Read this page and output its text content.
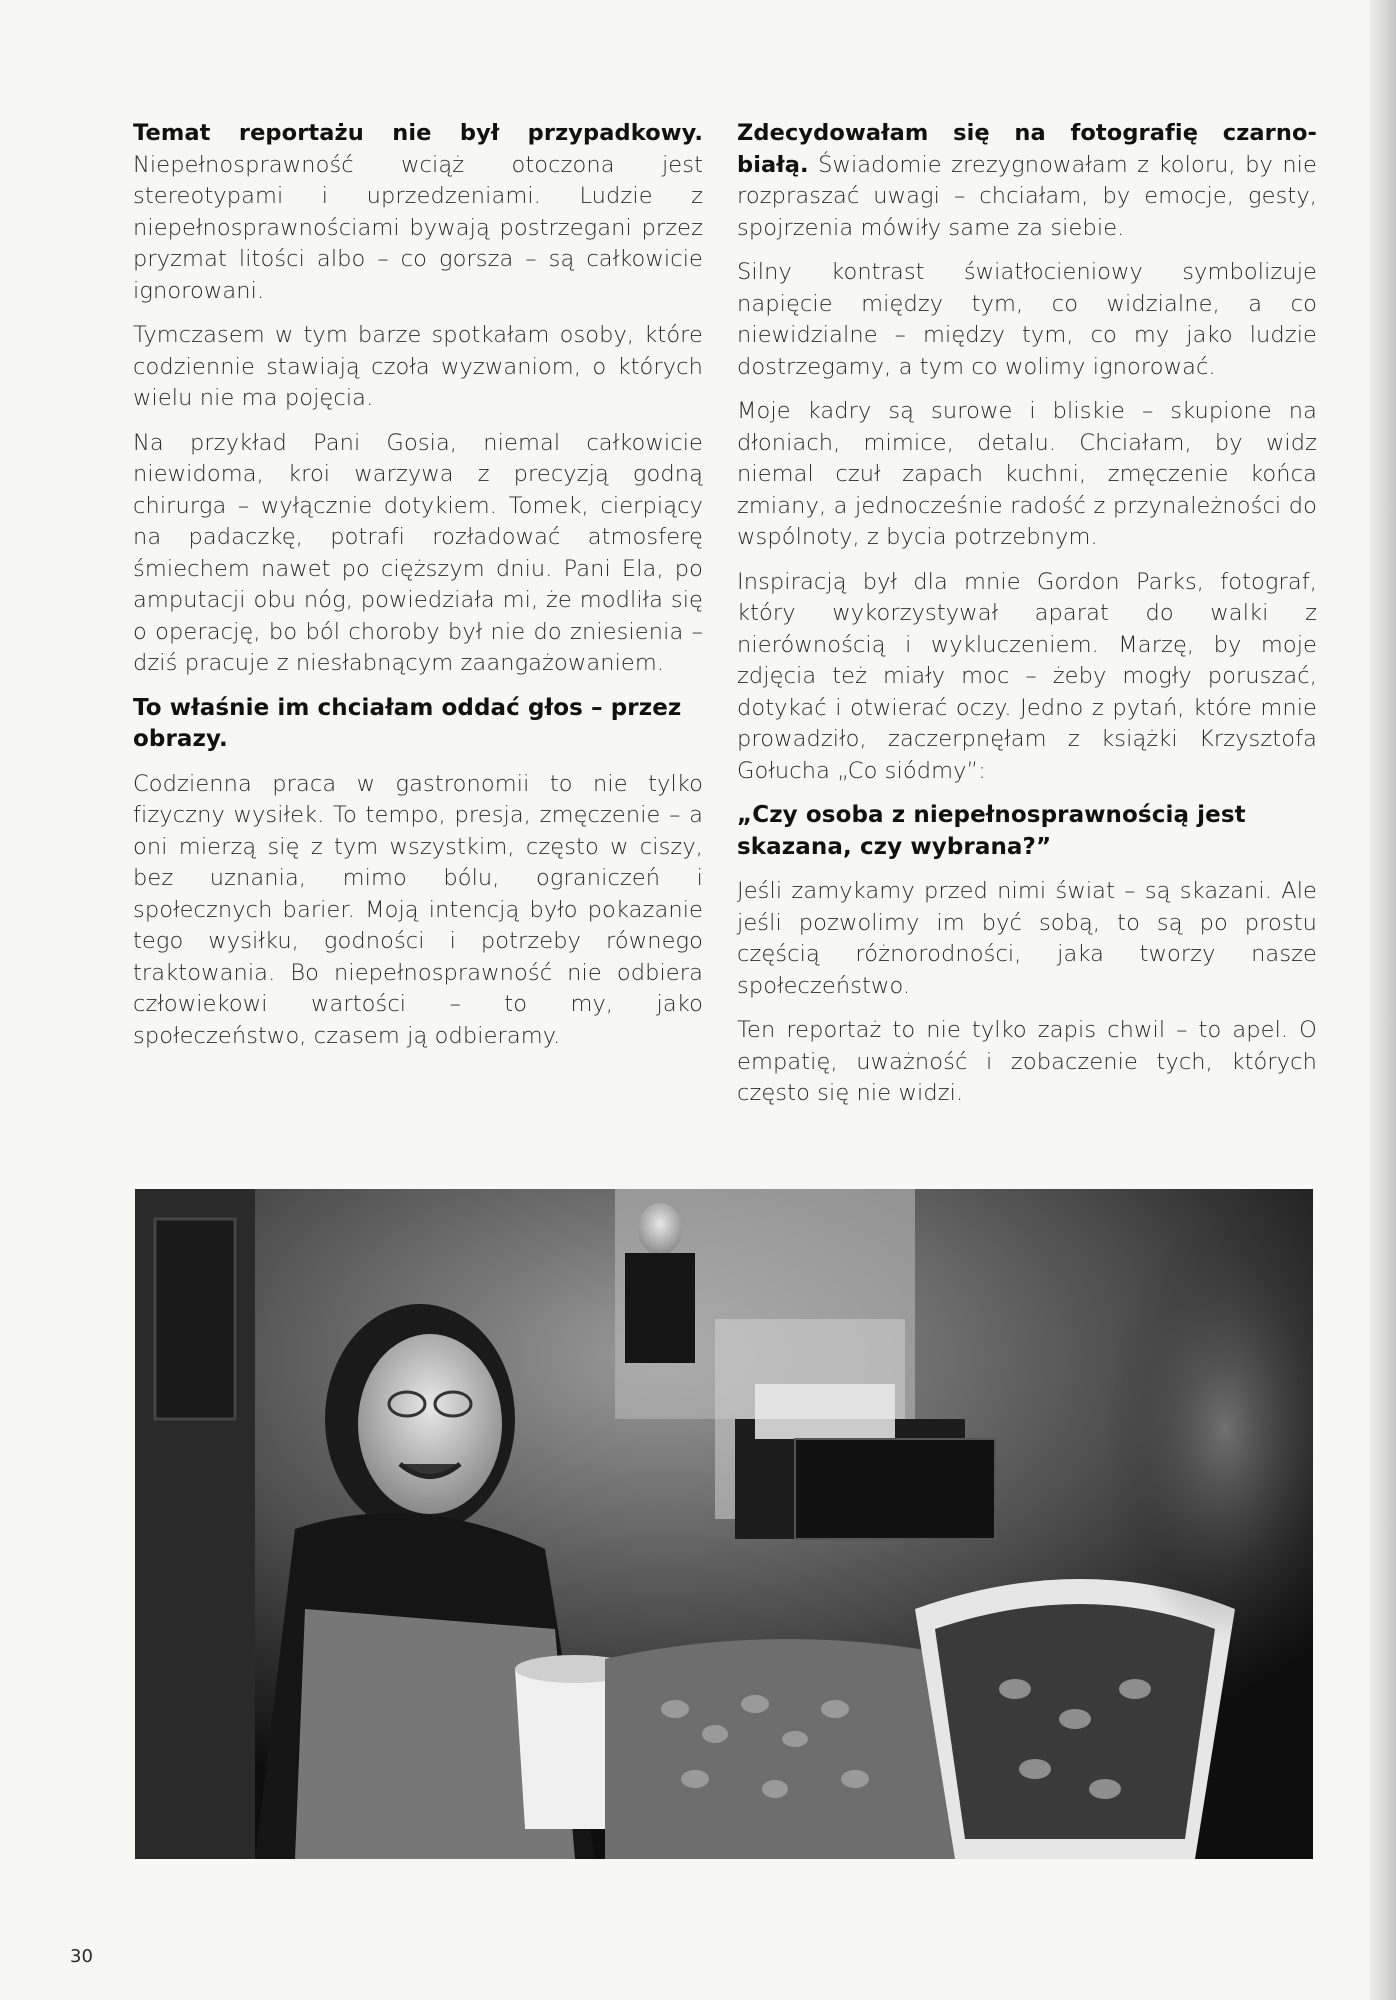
Temat reportażu nie był przypadkowy. Niepełnosprawność wciąż otoczona jest stereotypami i uprzedzeniami. Ludzie z niepełnosprawnościami bywają postrzegani przez pryzmat litości albo – co gorsza – są całkowicie ignorowani.

Tymczasem w tym barze spotkałam osoby, które codziennie stawiają czoła wyzwaniom, o których wielu nie ma pojęcia.

Na przykład Pani Gosia, niemal całkowicie niewidoma, kroi warzywa z precyzją godną chirurga – wyłącznie dotykiem. Tomek, cierpiący na padaczkę, potrafi rozładować atmosferę śmiechem nawet po cięższym dniu. Pani Ela, po amputacji obu nóg, powiedziała mi, że modliła się o operację, bo ból choroby był nie do zniesienia – dziś pracuje z niesłabnącym zaangażowaniem.

To właśnie im chciałam oddać głos – przez obrazy.

Codzienna praca w gastronomii to nie tylko fizyczny wysiłek. To tempo, presja, zmęczenie – a oni mierzą się z tym wszystkim, często w ciszy, bez uznania, mimo bólu, ograniczeń i społecznych barier. Moją intencją było pokazanie tego wysiłku, godności i potrzeby równego traktowania. Bo niepełnosprawność nie odbiera człowiekowi wartości – to my, jako społeczeństwo, czasem ją odbieramy.

Zdecydowałam się na fotografię czarno-białą. Świadomie zrezygnowałam z koloru, by nie rozpraszać uwagi – chciałam, by emocje, gesty, spojrzenia mówiły same za siebie.

Silny kontrast światłocieniowy symbolizuje napięcie między tym, co widzialne, a co niewidzialne – między tym, co my jako ludzie dostrzegamy, a tym co wolimy ignorować.

Moje kadry są surowe i bliskie – skupione na dłoniach, mimice, detalu. Chciałam, by widz niemal czuł zapach kuchni, zmęczenie końca zmiany, a jednocześnie radość z przynależności do wspólnoty, z bycia potrzebnym.

Inspiracją był dla mnie Gordon Parks, fotograf, który wykorzystywał aparat do walki z nierównością i wykluczeniem. Marzę, by moje zdjęcia też miały moc – żeby mogły poruszać, dotykać i otwierać oczy. Jedno z pytań, które mnie prowadziło, zaczerpnęłam z książki Krzysztofa Gołucha „Co siódmy”:

„Czy osoba z niepełnosprawnością jest skazana, czy wybrana?”

Jeśli zamykamy przed nimi świat – są skazani. Ale jeśli pozwolimy im być sobą, to są po prostu częścią różnorodności, jaka tworzy nasze społeczeństwo.

Ten reportaż to nie tylko zapis chwil – to apel. O empatię, uważność i zobaczenie tych, których często się nie widzi.

30
